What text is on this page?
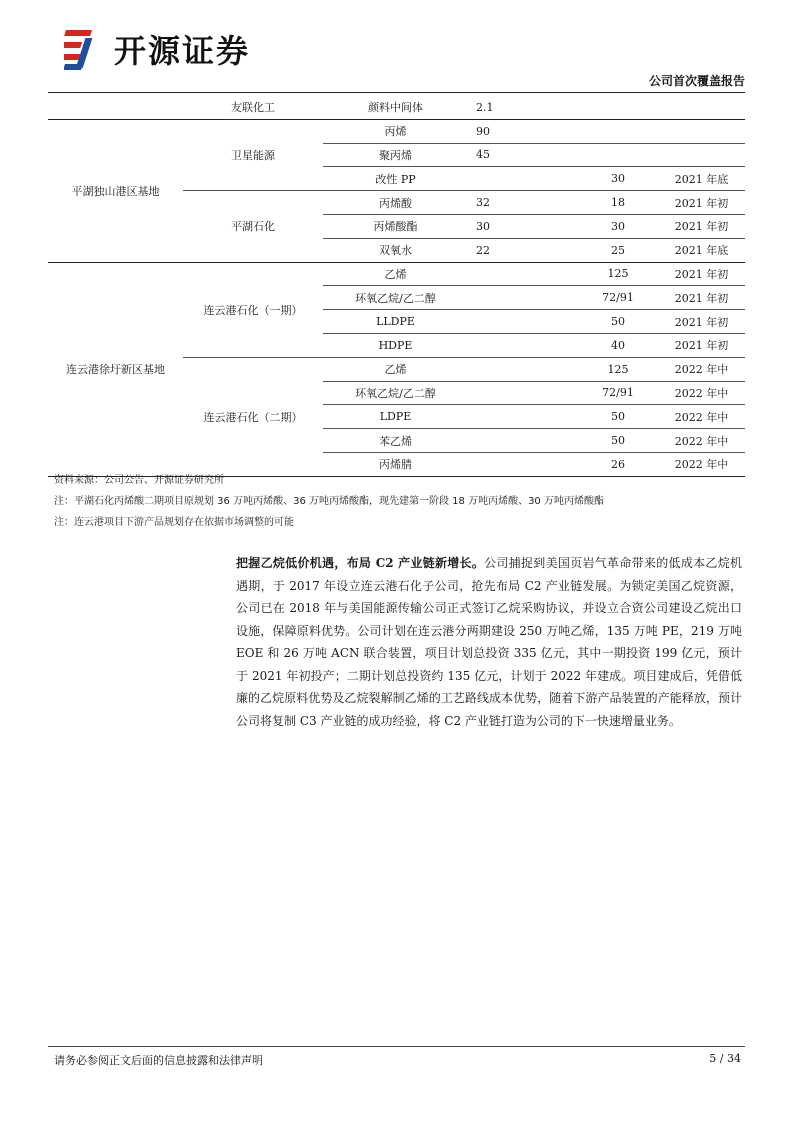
开源证券
公司首次覆盖报告
	友联化工	颜料中间体	2.1		
平湖独山港区基地	卫星能源	丙烯	90		
		聚丙烯	45		
		改性 PP		30	2021 年底
	平湖石化	丙烯酸	32	18	2021 年初
		丙烯酸酯	30	30	2021 年初
		双氧水	22	25	2021 年底
连云港徐圩新区基地	连云港石化（一期）	乙烯		125	2021 年初
		环氧乙烷/乙二醇		72/91	2021 年初
		LLDPE		50	2021 年初
		HDPE		40	2021 年初
	连云港石化（二期）	乙烯		125	2022 年中
		环氧乙烷/乙二醇		72/91	2022 年中
		LDPE		50	2022 年中
		苯乙烯		50	2022 年中
		丙烯腈		26	2022 年中
资料来源：公司公告、开源证券研究所
注：平湖石化丙烯酸二期项目原规划 36 万吨丙烯酸、36 万吨丙烯酸酯，现先建第一阶段 18 万吨丙烯酸、30 万吨丙烯酸酯
注：连云港项目下游产品规划存在依据市场调整的可能
把握乙烷低价机遇，布局 C2 产业链新增长。公司捕捉到美国页岩气革命带来的低成本乙烷机遇期，于 2017 年设立连云港石化子公司，抢先布局 C2 产业链发展。为锁定美国乙烷资源，公司已在 2018 年与美国能源传输公司正式签订乙烷采购协议，并设立合资公司建设乙烷出口设施，保障原料优势。公司计划在连云港分两期建设 250 万吨乙烯，135 万吨 PE，219 万吨 EOE 和 26 万吨 ACN 联合装置，项目计划总投资 335 亿元，其中一期投资 199 亿元，预计于 2021 年初投产；二期计划总投资约 135 亿元，计划于 2022 年建成。项目建成后，凭借低廉的乙烷原料优势及乙烷裂解制乙烯的工艺路线成本优势，随着下游产品装置的产能释放，预计公司将复制 C3 产业链的成功经验，将 C2 产业链打造为公司的下一快速增量业务。
请务必参阅正文后面的信息披露和法律声明	5 / 34
